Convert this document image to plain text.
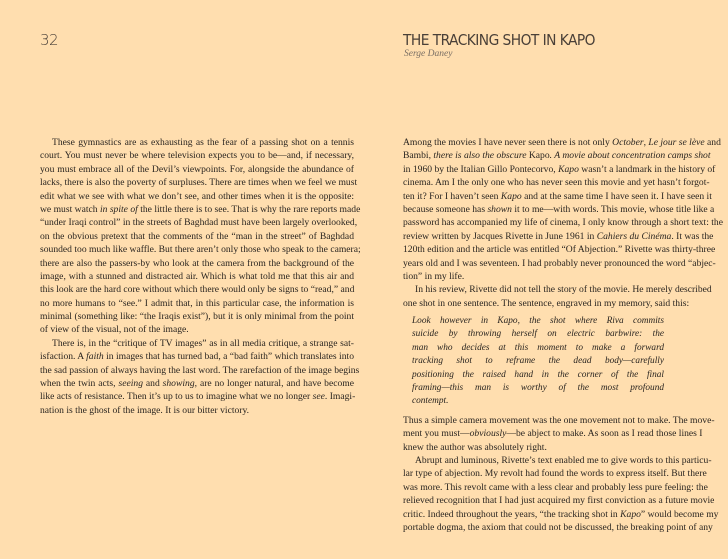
32	THE TRACKING SHOT IN KAPO
Serge Daney
These gymnastics are as exhausting as the fear of a passing shot on a tennis
court. You must never be where television expects you to be—and, if necessary,
you must embrace all of the Devil’s viewpoints. For, alongside the abundance of
lacks, there is also the poverty of surpluses. There are times when we feel we must
edit what we see with what we don’t see, and other times when it is the opposite:
we must watch in spite of the little there is to see. That is why the rare reports made
“under Iraqi control” in the streets of Baghdad must have been largely overlooked,
on the obvious pretext that the comments of the “man in the street” of Baghdad
sounded too much like waffle. But there aren’t only those who speak to the camera;
there are also the passers-by who look at the camera from the background of the
image, with a stunned and distracted air. Which is what told me that this air and
this look are the hard core without which there would only be signs to “read,” and
no more humans to “see.” I admit that, in this particular case, the information is
minimal (something like: “the Iraqis exist”), but it is only minimal from the point
of view of the visual, not of the image.
There is, in the “critique of TV images” as in all media critique, a strange sat-
isfaction. A faith in images that has turned bad, a “bad faith” which translates into
the sad passion of always having the last word. The rarefaction of the image begins
when the twin acts, seeing and showing, are no longer natural, and have become
like acts of resistance. Then it’s up to us to imagine what we no longer see. Imagi-
nation is the ghost of the image. It is our bitter victory.
Among the movies I have never seen there is not only October, Le jour se lève and
Bambi, there is also the obscure Kapo. A movie about concentration camps shot
in 1960 by the Italian Gillo Pontecorvo, Kapo wasn’t a landmark in the history of
cinema. Am I the only one who has never seen this movie and yet hasn’t forgot-
ten it? For I haven’t seen Kapo and at the same time I have seen it. I have seen it
because someone has shown it to me—with words. This movie, whose title like a
password has accompanied my life of cinema, I only know through a short text: the
review written by Jacques Rivette in June 1961 in Cahiers du Cinéma. It was the
120th edition and the article was entitled “Of Abjection.” Rivette was thirty-three
years old and I was seventeen. I had probably never pronounced the word “abjec-
tion” in my life.
In his review, Rivette did not tell the story of the movie. He merely described
one shot in one sentence. The sentence, engraved in my memory, said this:
Look however in Kapo, the shot where Riva commits
suicide by throwing herself on electric barbwire: the
man who decides at this moment to make a forward
tracking shot to reframe the dead body—carefully
positioning the raised hand in the corner of the final
framing—this man is worthy of the most profound
contempt.
Thus a simple camera movement was the one movement not to make. The move-
ment you must—obviously—be abject to make. As soon as I read those lines I
knew the author was absolutely right.
Abrupt and luminous, Rivette’s text enabled me to give words to this particu-
lar type of abjection. My revolt had found the words to express itself. But there
was more. This revolt came with a less clear and probably less pure feeling: the
relieved recognition that I had just acquired my first conviction as a future movie
critic. Indeed throughout the years, “the tracking shot in Kapo” would become my
portable dogma, the axiom that could not be discussed, the breaking point of any
